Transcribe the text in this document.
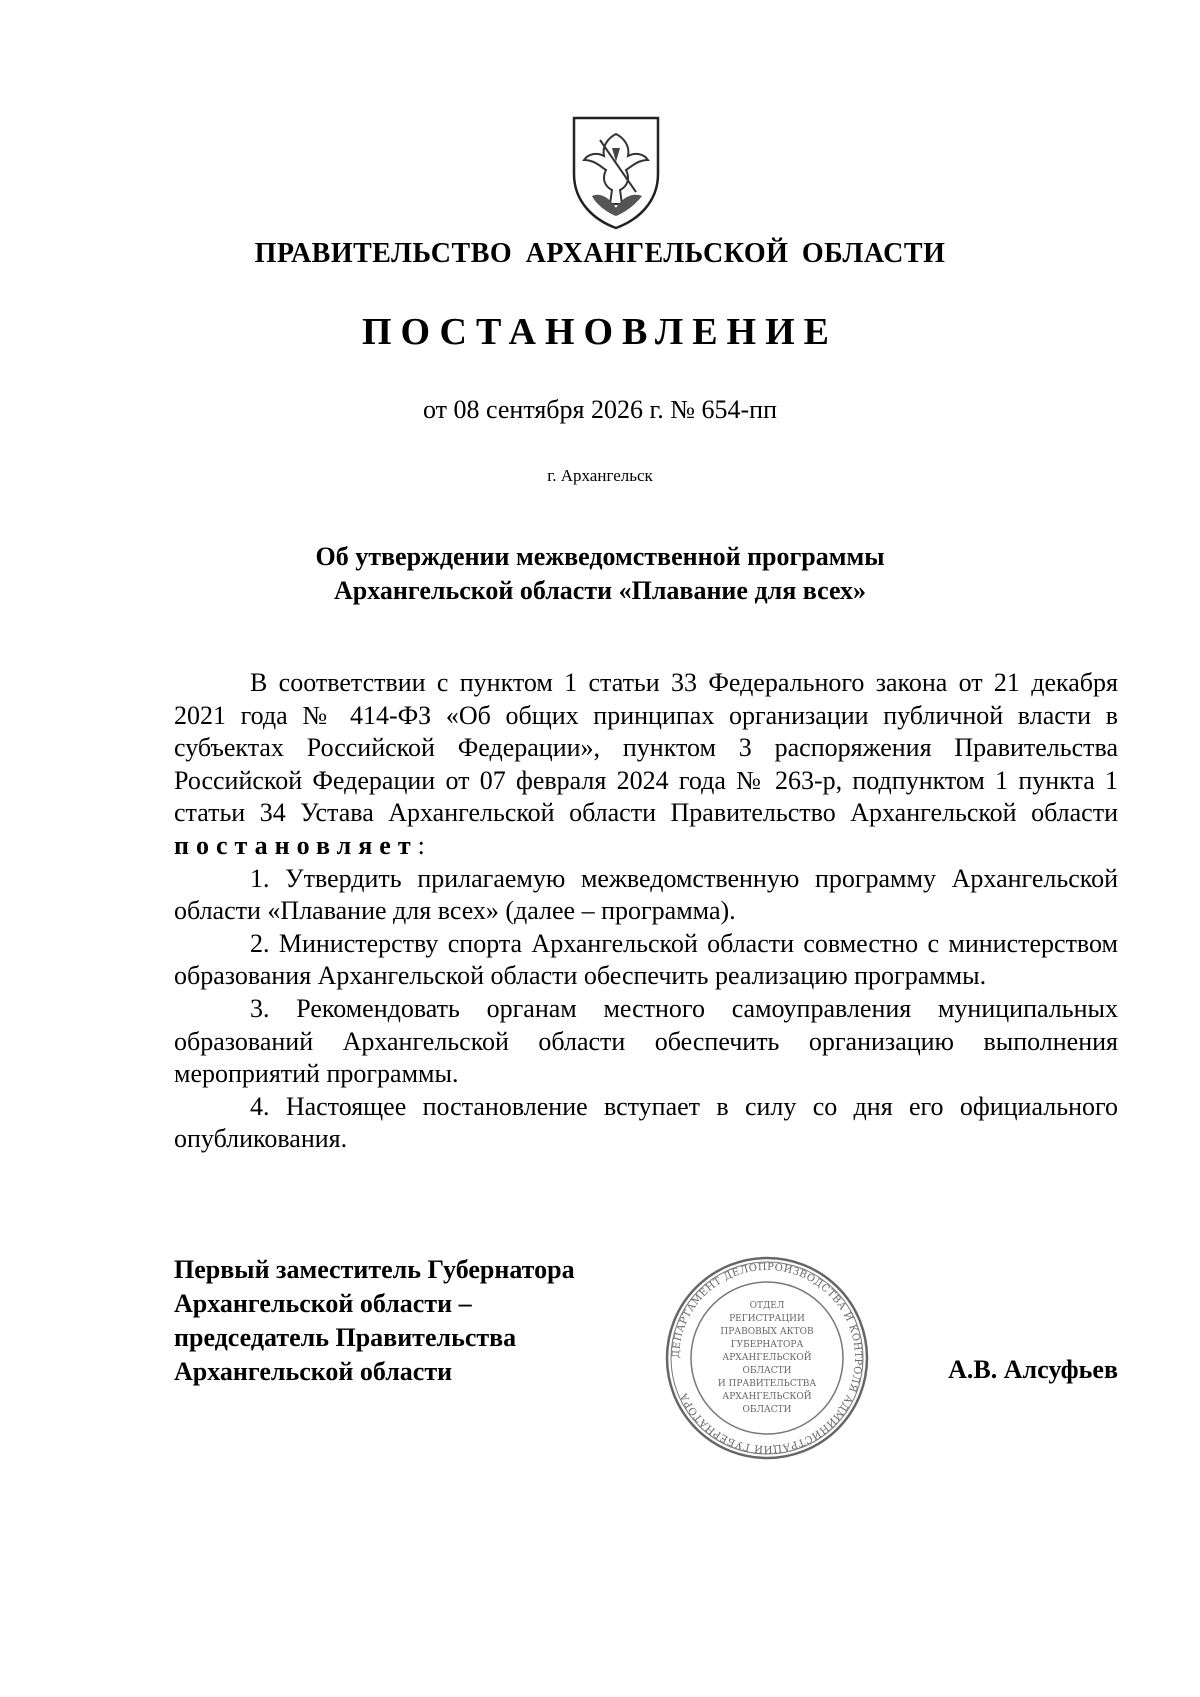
ПРАВИТЕЛЬСТВО АРХАНГЕЛЬСКОЙ ОБЛАСТИ
ПОСТАНОВЛЕНИЕ
от 08 сентября 2026 г. № 654-пп
г. Архангельск
Об утверждении межведомственной программы
Архангельской области «Плавание для всех»

В соответствии с пунктом 1 статьи 33 Федерального закона от 21 декабря 2021 года № 414-ФЗ «Об общих принципах организации публичной власти в субъектах Российской Федерации», пунктом 3 распоряжения Правительства Российской Федерации от 07 февраля 2024 года № 263-р, подпунктом 1 пункта 1 статьи 34 Устава Архангельской области Правительство Архангельской области постановляет:

1. Утвердить прилагаемую межведомственную программу Архангельской области «Плавание для всех» (далее – программа).

2. Министерству спорта Архангельской области совместно с министерством образования Архангельской области обеспечить реализацию программы.

3. Рекомендовать органам местного самоуправления муниципальных образований Архангельской области обеспечить организацию выполнения мероприятий программы.

4. Настоящее постановление вступает в силу со дня его официального опубликования.

Первый заместитель Губернатора
Архангельской области –
председатель Правительства
Архангельской области
ДЕПАРТАМЕНТ ДЕЛОПРОИЗВОДСТВА И КОНТРОЛЯ АДМИНИСТРАЦИИ ГУБЕРНАТОРА
ОТДЕЛ
РЕГИСТРАЦИИ
ПРАВОВЫХ АКТОВ
ГУБЕРНАТОРА
АРХАНГЕЛЬСКОЙ
ОБЛАСТИ
И ПРАВИТЕЛЬСТВА
АРХАНГЕЛЬСКОЙ
ОБЛАСТИ
А.В. Алсуфьев
